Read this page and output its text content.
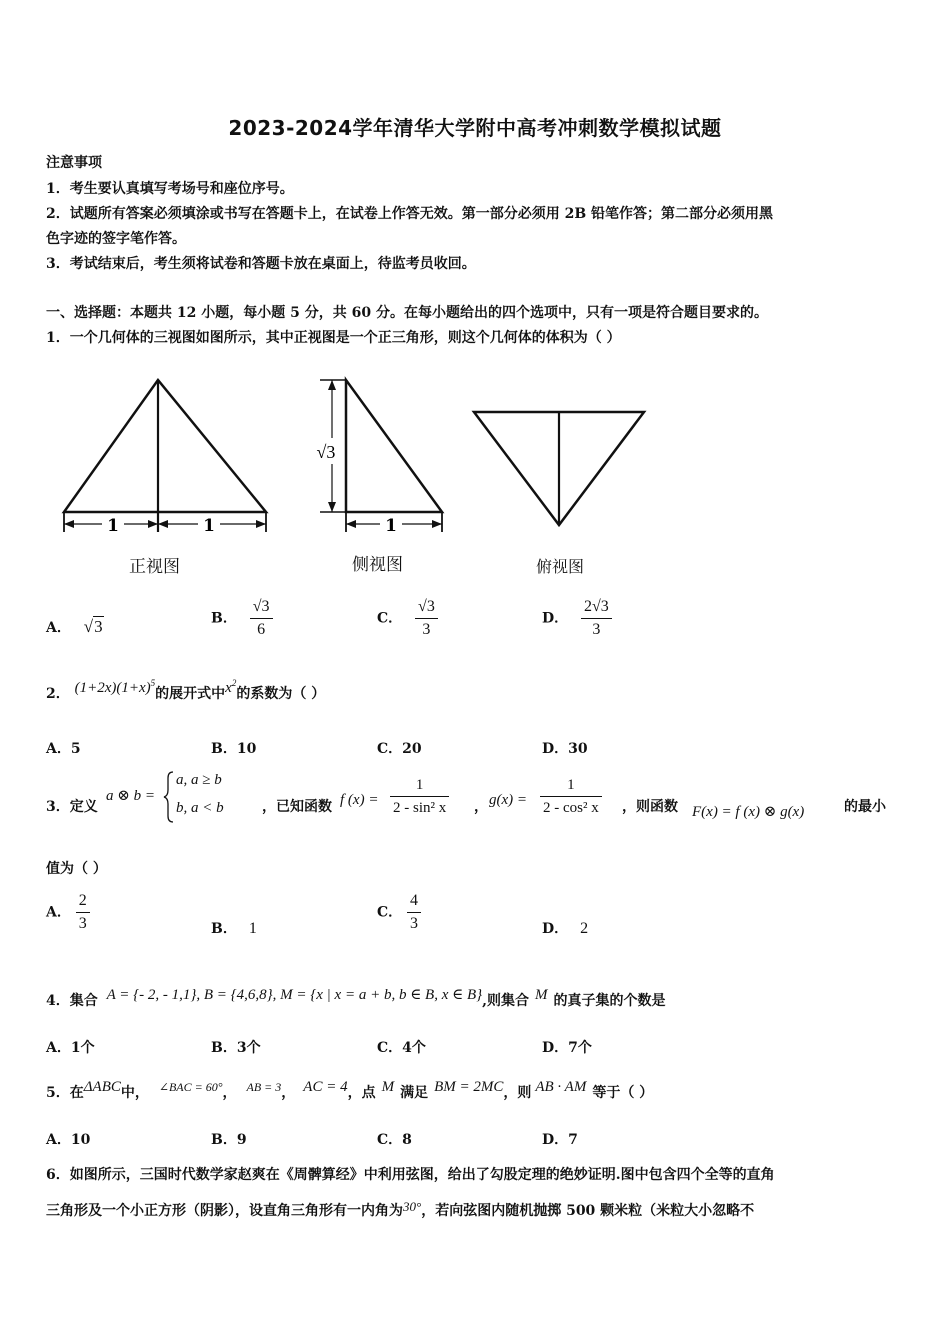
2023-2024学年清华大学附中高考冲刺数学模拟试题
注意事项
1．考生要认真填写考场号和座位序号。
2．试题所有答案必须填涂或书写在答题卡上，在试卷上作答无效。第一部分必须用 2B 铅笔作答；第二部分必须用黑
色字迹的签字笔作答。
3．考试结束后，考生须将试卷和答题卡放在桌面上，待监考员收回。
一、选择题：本题共 12 小题，每小题 5 分，共 60 分。在每小题给出的四个选项中，只有一项是符合题目要求的。
1．一个几何体的三视图如图所示，其中正视图是一个正三角形，则这个几何体的体积为（ ）
1	1
正视图
√3
1
侧视图	俯视图
A． √3	B． $\frac{√3}{6}$	C． $\frac{√3}{3}$	D． $\frac{2√3}{3}$
2． $(1+2x)(1+x)^5$的展开式中$x^2$的系数为（ ）
A．5	B．10	C．20	D．30
3．定义
a ⊗ b =
a, a ≥ b
b, a < b	，已知函数 f $(x) = \frac{1}{\text{2 - sin² x}}$ ， $g(x) = \frac{1}{\text{2 - cos² x}}$ ，则函数 F(x) = f (x) ⊗ g(x)	的最小
值为（ ）
A． $\frac{2}{3}$	B． 1
C． $\frac{4}{3}$	D． 2
4．集合 A = {- 2, - 1,1}, B = {4,6,8}, M = {x | x = a + b, b ∈ B, x ∈ B},则集合 M 的真子集的个数是
A．1个	B．3个	C．4个	D．7个
5．在ΔABC中， ∠BAC = 60°， AB = 3， AC = 4，点 M 满足 BM = 2MC，则 AB · AM 等于（ ）
A．10	B．9	C．8	D．7
6．如图所示，三国时代数学家赵爽在《周髀算经》中利用弦图，给出了勾股定理的绝妙证明.图中包含四个全等的直角
三角形及一个小正方形（阴影），设直角三角形有一内角为30°，若向弦图内随机抛掷 500 颗米粒（米粒大小忽略不
